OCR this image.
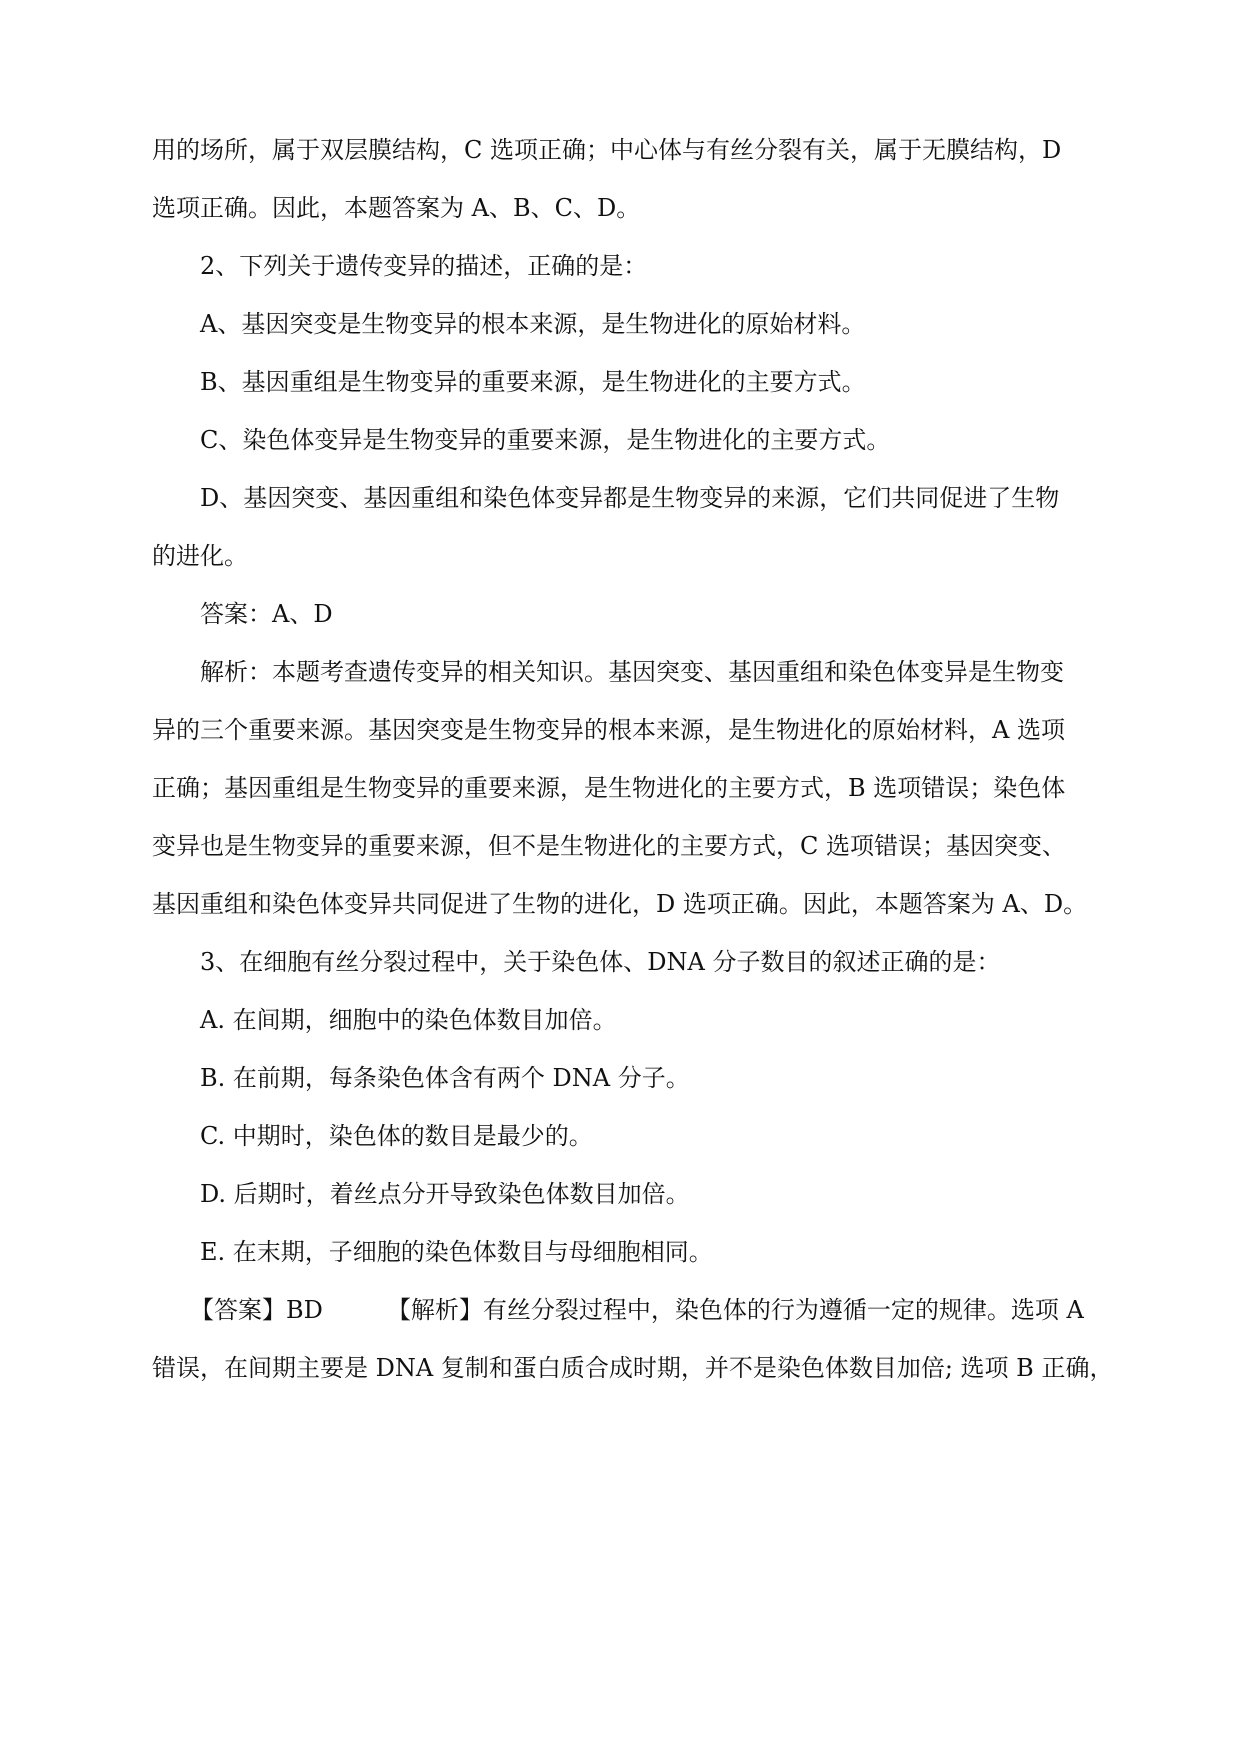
用的场所，属于双层膜结构，C 选项正确；中心体与有丝分裂有关，属于无膜结构，D
选项正确。因此，本题答案为 A、B、C、D。
2、下列关于遗传变异的描述，正确的是：
A、基因突变是生物变异的根本来源，是生物进化的原始材料。
B、基因重组是生物变异的重要来源，是生物进化的主要方式。
C、染色体变异是生物变异的重要来源，是生物进化的主要方式。
D、基因突变、基因重组和染色体变异都是生物变异的来源，它们共同促进了生物
的进化。
答案：A、D
解析：本题考查遗传变异的相关知识。基因突变、基因重组和染色体变异是生物变
异的三个重要来源。基因突变是生物变异的根本来源，是生物进化的原始材料，A 选项
正确；基因重组是生物变异的重要来源，是生物进化的主要方式，B 选项错误；染色体
变异也是生物变异的重要来源，但不是生物进化的主要方式，C 选项错误；基因突变、
基因重组和染色体变异共同促进了生物的进化，D 选项正确。因此，本题答案为 A、D。
3、在细胞有丝分裂过程中，关于染色体、DNA 分子数目的叙述正确的是：
A. 在间期，细胞中的染色体数目加倍。
B. 在前期，每条染色体含有两个 DNA 分子。
C. 中期时，染色体的数目是最少的。
D. 后期时，着丝点分开导致染色体数目加倍。
E. 在末期，子细胞的染色体数目与母细胞相同。
【答案】BD	【解析】有丝分裂过程中，染色体的行为遵循一定的规律。选项 A
错误，在间期主要是 DNA 复制和蛋白质合成时期，并不是染色体数目加倍; 选项 B 正确，
